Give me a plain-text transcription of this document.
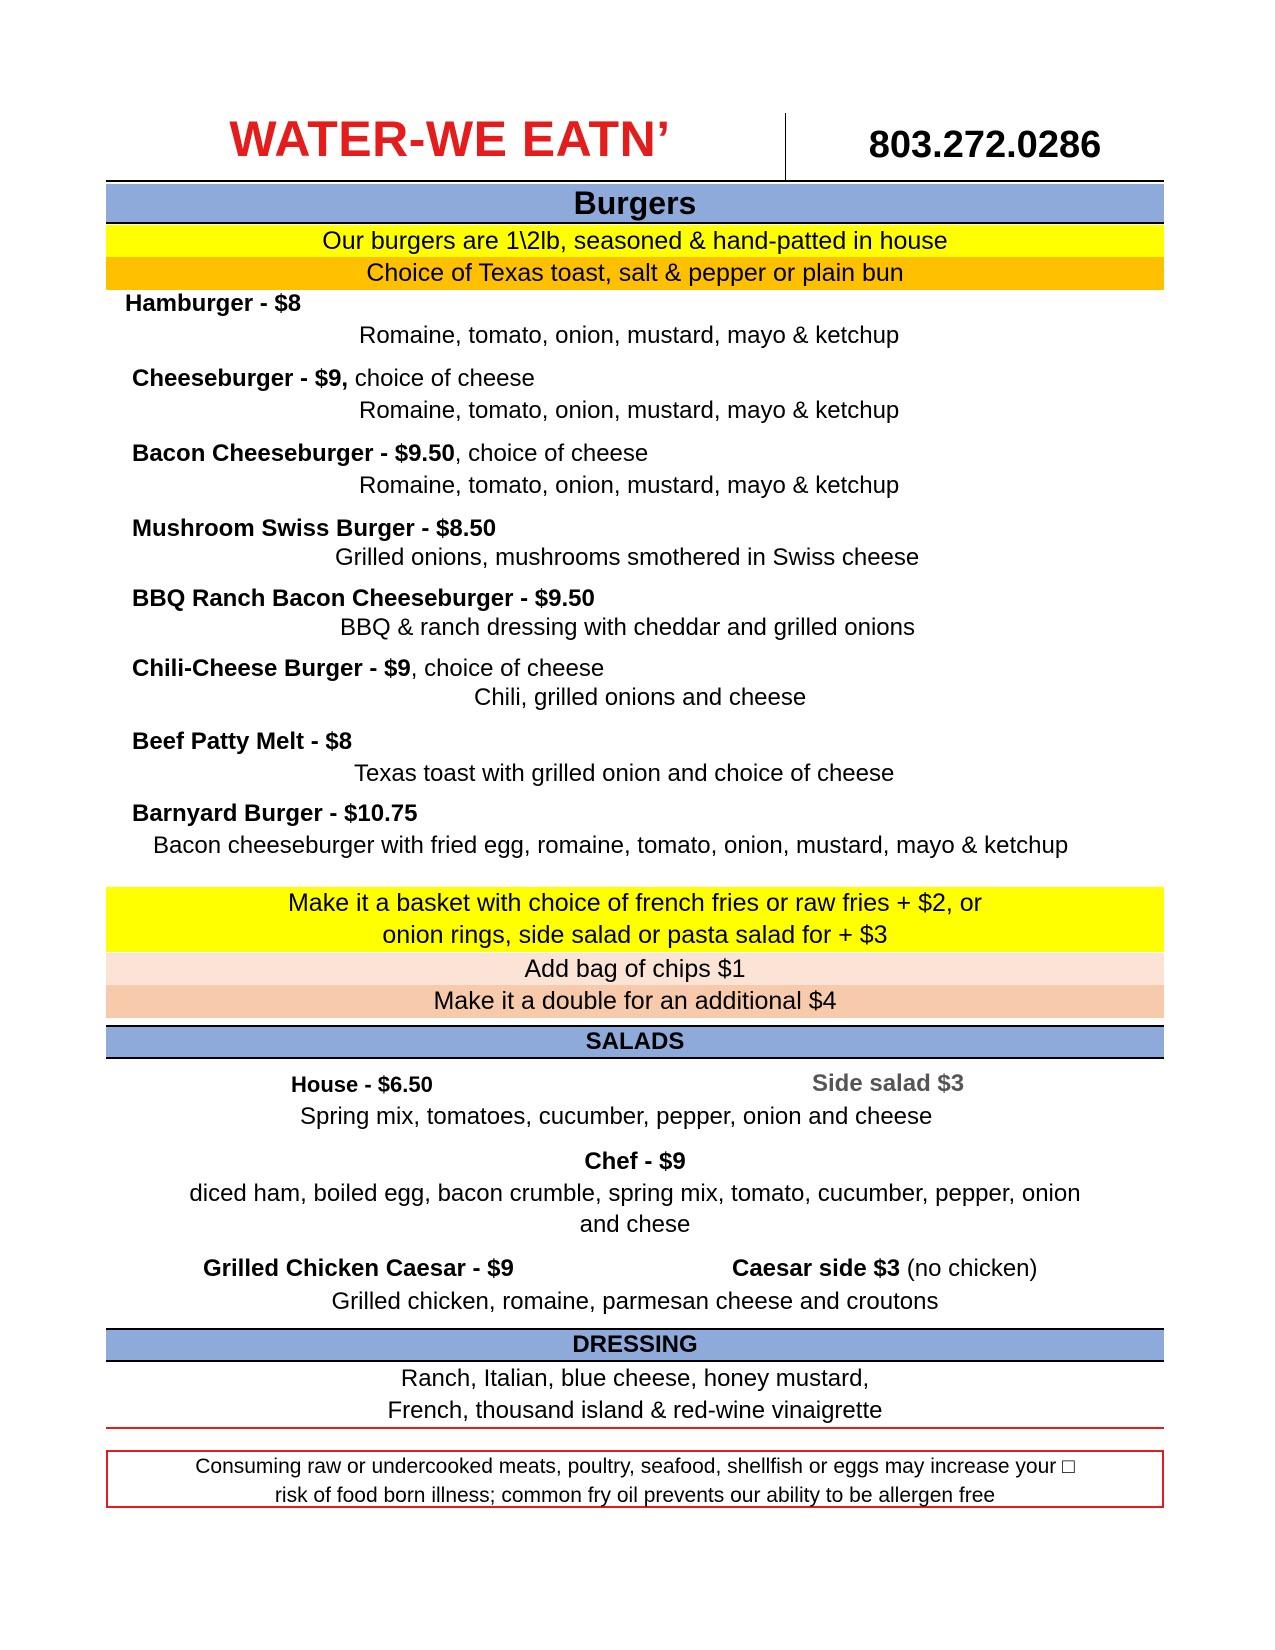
WATER-WE EATN’	803.272.0286
Burgers
Our burgers are 1\2lb, seasoned & hand-patted in house
Choice of Texas toast, salt & pepper or plain bun
Hamburger - $8
Romaine, tomato, onion, mustard, mayo & ketchup
Cheeseburger - $9, choice of cheese
Romaine, tomato, onion, mustard, mayo & ketchup
Bacon Cheeseburger - $9.50, choice of cheese
Romaine, tomato, onion, mustard, mayo & ketchup
Mushroom Swiss Burger - $8.50
Grilled onions, mushrooms smothered in Swiss cheese
BBQ Ranch Bacon Cheeseburger - $9.50
BBQ & ranch dressing with cheddar and grilled onions
Chili-Cheese Burger - $9, choice of cheese
Chili, grilled onions and cheese
Beef Patty Melt - $8
Texas toast with grilled onion and choice of cheese
Barnyard Burger - $10.75
Bacon cheeseburger with fried egg, romaine, tomato, onion, mustard, mayo & ketchup
Make it a basket with choice of french fries or raw fries + $2, or
onion rings, side salad or pasta salad for + $3
Add bag of chips $1
Make it a double for an additional $4
SALADS
House - $6.50	Side salad $3
Spring mix, tomatoes, cucumber, pepper, onion and cheese
Chef - $9
diced ham, boiled egg, bacon crumble, spring mix, tomato, cucumber, pepper, onion
and chese
Grilled Chicken Caesar - $9	Caesar side $3 (no chicken)
Grilled chicken, romaine, parmesan cheese and croutons
DRESSING
Ranch, Italian, blue cheese, honey mustard,
French, thousand island & red-wine vinaigrette
Consuming raw or undercooked meats, poultry, seafood, shellfish or eggs may increase your □
risk of food born illness; common fry oil prevents our ability to be allergen free
